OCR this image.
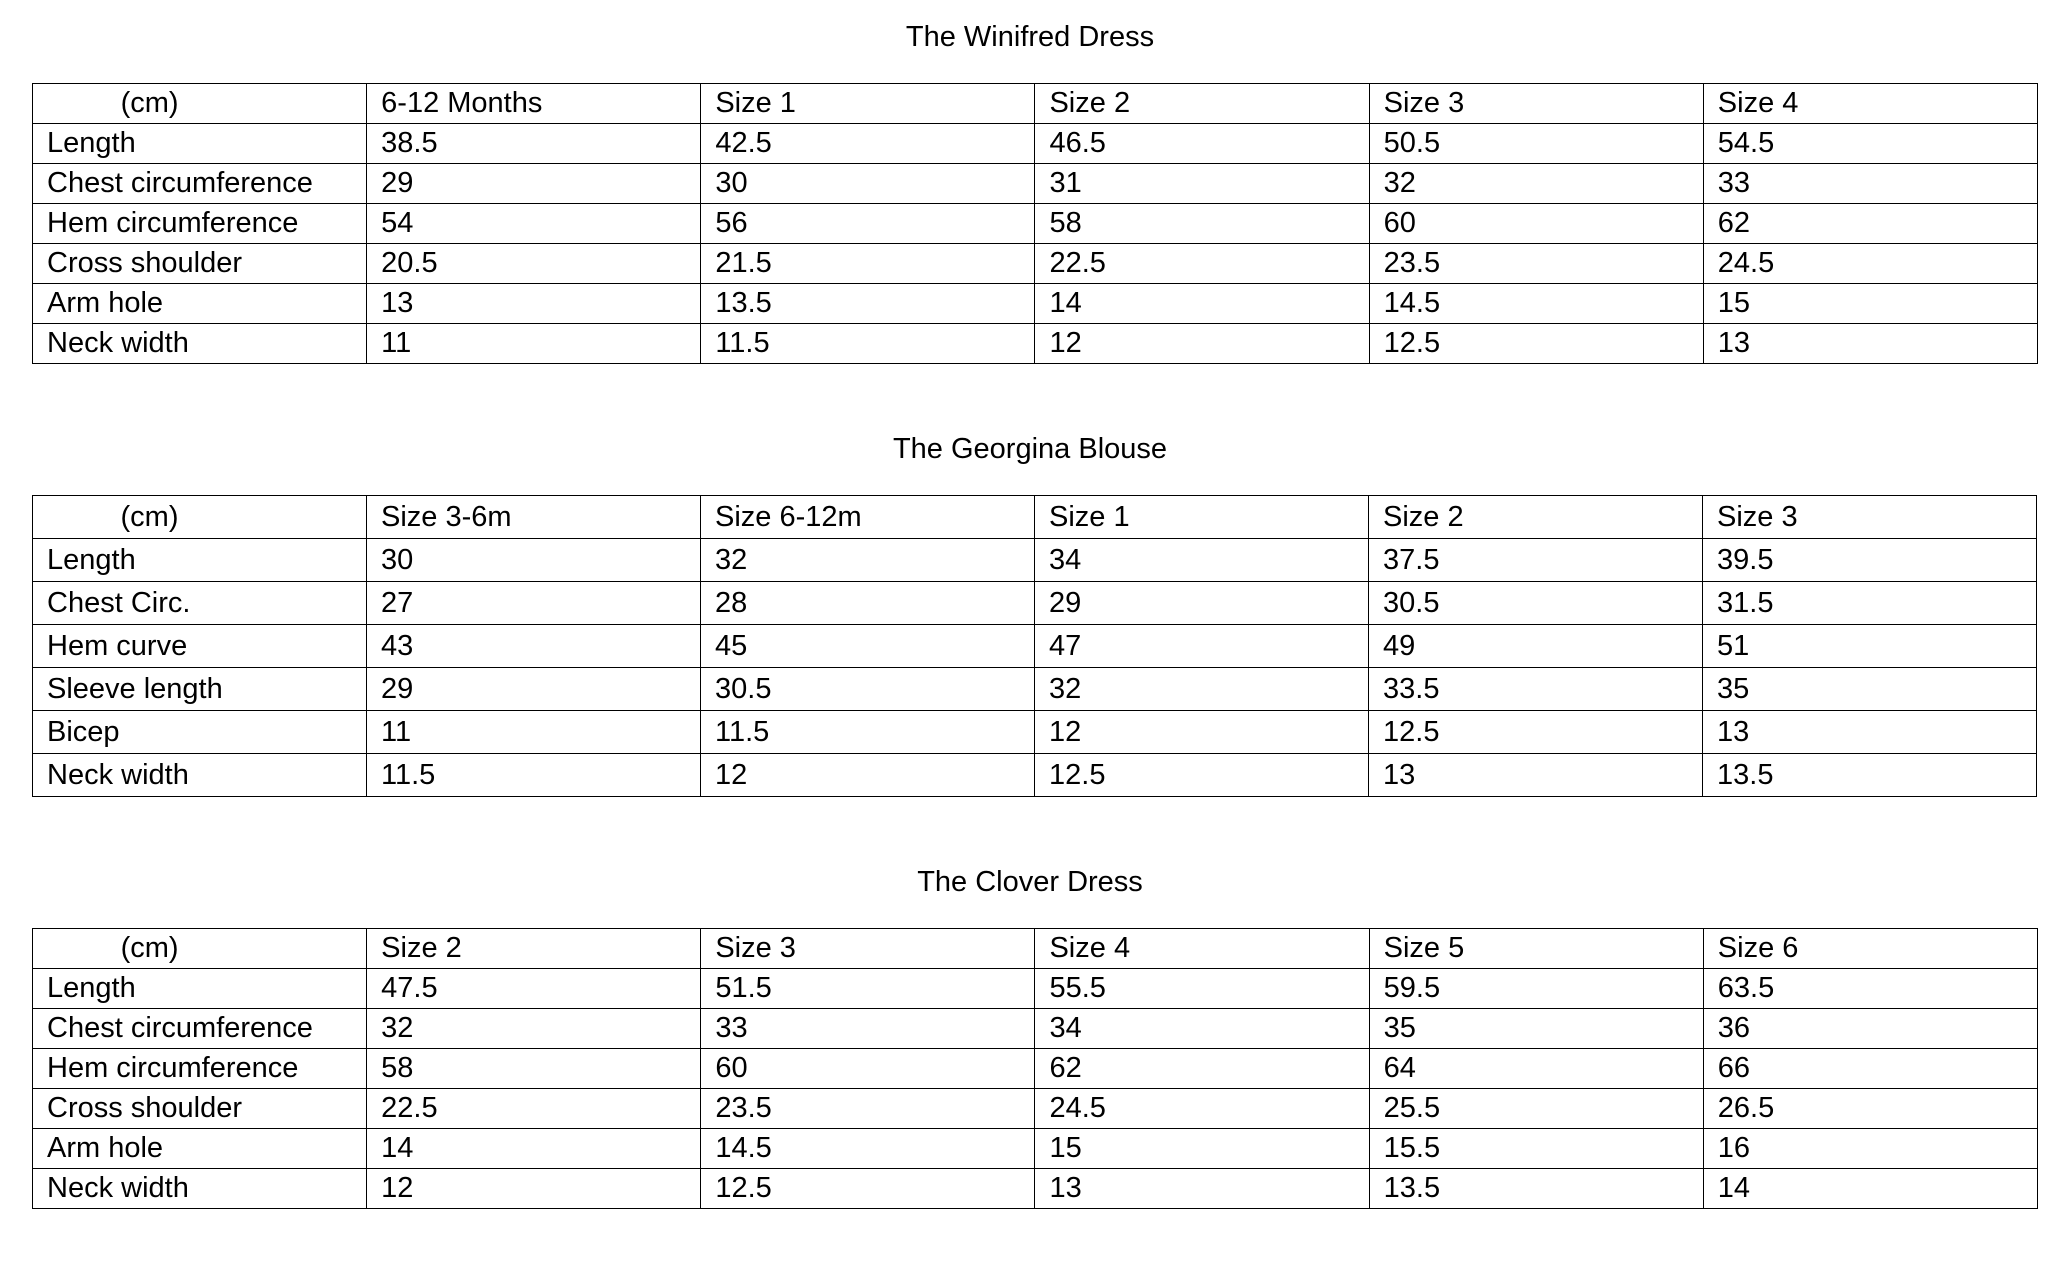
The Winifred Dress
(cm)	6-12 Months	Size 1	Size 2	Size 3	Size 4
Length	38.5	42.5	46.5	50.5	54.5
Chest circumference	29	30	31	32	33
Hem circumference	54	56	58	60	62
Cross shoulder	20.5	21.5	22.5	23.5	24.5
Arm hole	13	13.5	14	14.5	15
Neck width	11	11.5	12	12.5	13
The Georgina Blouse
(cm)	Size 3-6m	Size 6-12m	Size 1	Size 2	Size 3
Length	30	32	34	37.5	39.5
Chest Circ.	27	28	29	30.5	31.5
Hem curve	43	45	47	49	51
Sleeve length	29	30.5	32	33.5	35
Bicep	11	11.5	12	12.5	13
Neck width	11.5	12	12.5	13	13.5
The Clover Dress
(cm)	Size 2	Size 3	Size 4	Size 5	Size 6
Length	47.5	51.5	55.5	59.5	63.5
Chest circumference	32	33	34	35	36
Hem circumference	58	60	62	64	66
Cross shoulder	22.5	23.5	24.5	25.5	26.5
Arm hole	14	14.5	15	15.5	16
Neck width	12	12.5	13	13.5	14
